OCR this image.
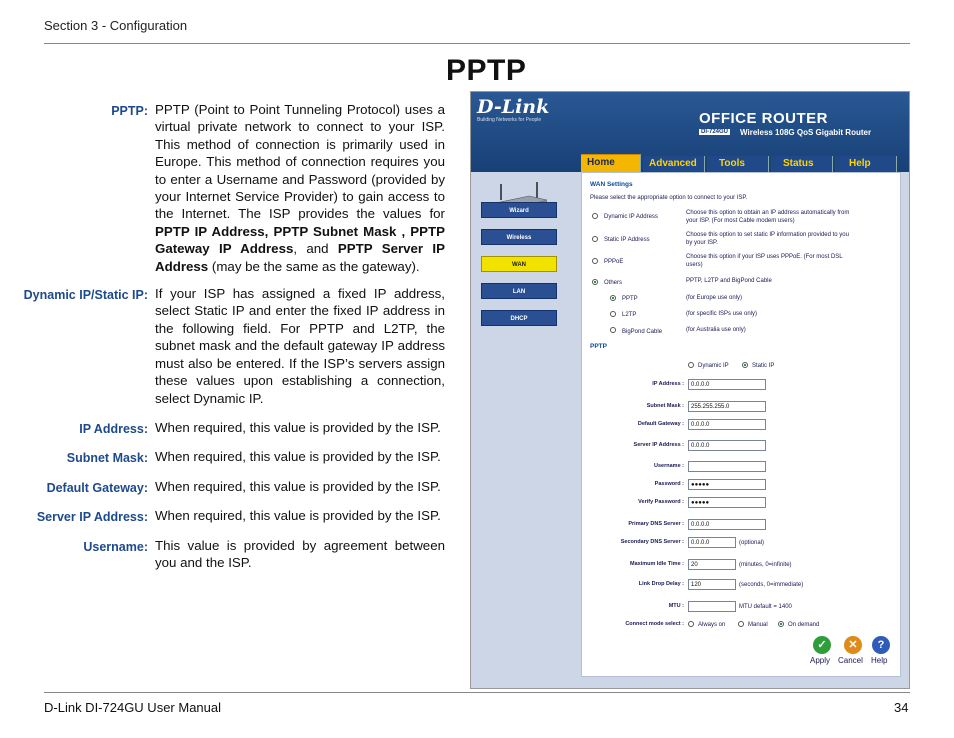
Section 3 - Configuration
PPTP
PPTP: PPTP (Point to Point Tunneling Protocol) uses a virtual private network to connect to your ISP. This method of connection is primarily used in Europe. This method of connection requires you to enter a Username and Password (provided by your Internet Service Provider) to gain access to the Internet. The ISP provides the values for PPTP IP Address, PPTP Subnet Mask , PPTP Gateway IP Address, and PPTP Server IP Address (may be the same as the gateway).
Dynamic IP/Static IP: If your ISP has assigned a fixed IP address, select Static IP and enter the fixed IP address in the following field. For PPTP and L2TP, the subnet mask and the default gateway IP address must also be entered. If the ISP’s servers assign these values upon establishing a connection, select Dynamic IP.
IP Address: When required, this value is provided by the ISP.
Subnet Mask: When required, this value is provided by the ISP.
Default Gateway: When required, this value is provided by the ISP.
Server IP Address: When required, this value is provided by the ISP.
Username: This value is provided by agreement between you and the ISP.
D-Link
Building Networks for People	OFFICE ROUTER
DI-724GU Wireless 108G QoS Gigabit Router
Home	Advanced	Tools	Status	Help
Wizard
Wireless
WAN
LAN
DHCP
WAN Settings
Please select the appropriate option to connect to your ISP.
Dynamic IP Address
Choose this option to obtain an IP address automatically from
your ISP. (For most Cable modem users)
Static IP Address
Choose this option to set static IP information provided to you
by your ISP.
PPPoE
Choose this option if your ISP uses PPPoE. (For most DSL
users)
Others	PPTP, L2TP and BigPond Cable
PPTP	(for Europe use only)
L2TP	(for specific ISPs use only)
BigPond Cable	(for Australia use only)
PPTP
Dynamic IP	Static IP
IP Address :	0.0.0.0
Subnet Mask :	255.255.255.0
Default Gateway :	0.0.0.0
Server IP Address :	0.0.0.0
Username :
Password :	●●●●●
Verify Password :	●●●●●
Primary DNS Server :	0.0.0.0
Secondary DNS Server :	0.0.0.0	(optional)
Maximum Idle Time :	20	(minutes, 0=infinite)
Link Drop Delay :	120	(seconds, 0=immediate)
MTU :	MTU default = 1400
Connect mode select : Always on	Manual	On demand
✓
Apply
✕
Cancel
?
Help
D-Link DI-724GU User Manual	34
